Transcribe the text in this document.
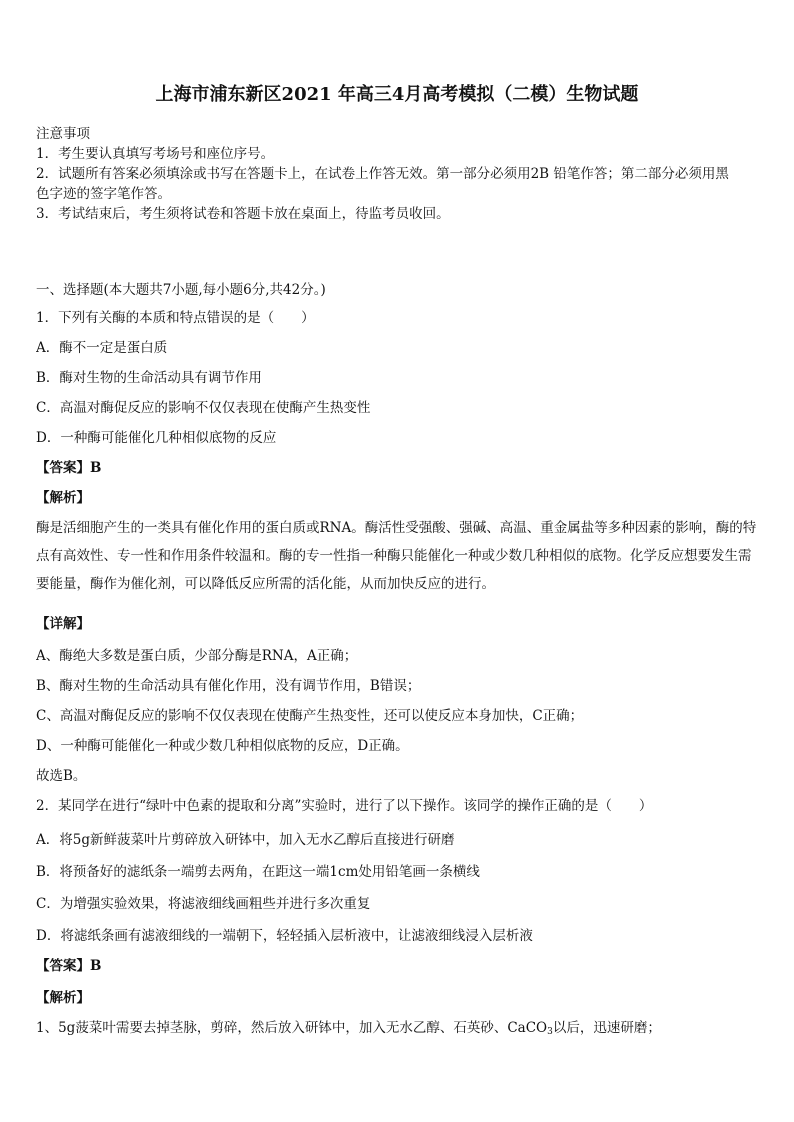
上海市浦东新区2021 年高三4月高考模拟（二模）生物试题
注意事项
1．考生要认真填写考场号和座位序号。
2．试题所有答案必须填涂或书写在答题卡上，在试卷上作答无效。第一部分必须用2B 铅笔作答；第二部分必须用黑
色字迹的签字笔作答。
3．考试结束后，考生须将试卷和答题卡放在桌面上，待监考员收回。
一、选择题(本大题共7小题,每小题6分,共42分。)
1．下列有关酶的本质和特点错误的是（　　）
A．酶不一定是蛋白质
B．酶对生物的生命活动具有调节作用
C．高温对酶促反应的影响不仅仅表现在使酶产生热变性
D．一种酶可能催化几种相似底物的反应
【答案】B
【解析】
酶是活细胞产生的一类具有催化作用的蛋白质或RNA。酶活性受强酸、强碱、高温、重金属盐等多种因素的影响，酶的特点有高效性、专一性和作用条件较温和。酶的专一性指一种酶只能催化一种或少数几种相似的底物。化学反应想要发生需要能量，酶作为催化剂，可以降低反应所需的活化能，从而加快反应的进行。
【详解】
A、酶绝大多数是蛋白质，少部分酶是RNA，A正确；
B、酶对生物的生命活动具有催化作用，没有调节作用，B错误；
C、高温对酶促反应的影响不仅仅表现在使酶产生热变性，还可以使反应本身加快，C正确；
D、一种酶可能催化一种或少数几种相似底物的反应，D正确。
故选B。
2．某同学在进行“绿叶中色素的提取和分离”实验时，进行了以下操作。该同学的操作正确的是（　　）
A．将5g新鲜菠菜叶片剪碎放入研钵中，加入无水乙醇后直接进行研磨
B．将预备好的滤纸条一端剪去两角，在距这一端1cm处用铅笔画一条横线
C．为增强实验效果，将滤液细线画粗些并进行多次重复
D．将滤纸条画有滤液细线的一端朝下，轻轻插入层析液中，让滤液细线浸入层析液
【答案】B
【解析】
1、5g菠菜叶需要去掉茎脉，剪碎，然后放入研钵中，加入无水乙醇、石英砂、CaCO$_3$以后，迅速研磨；
